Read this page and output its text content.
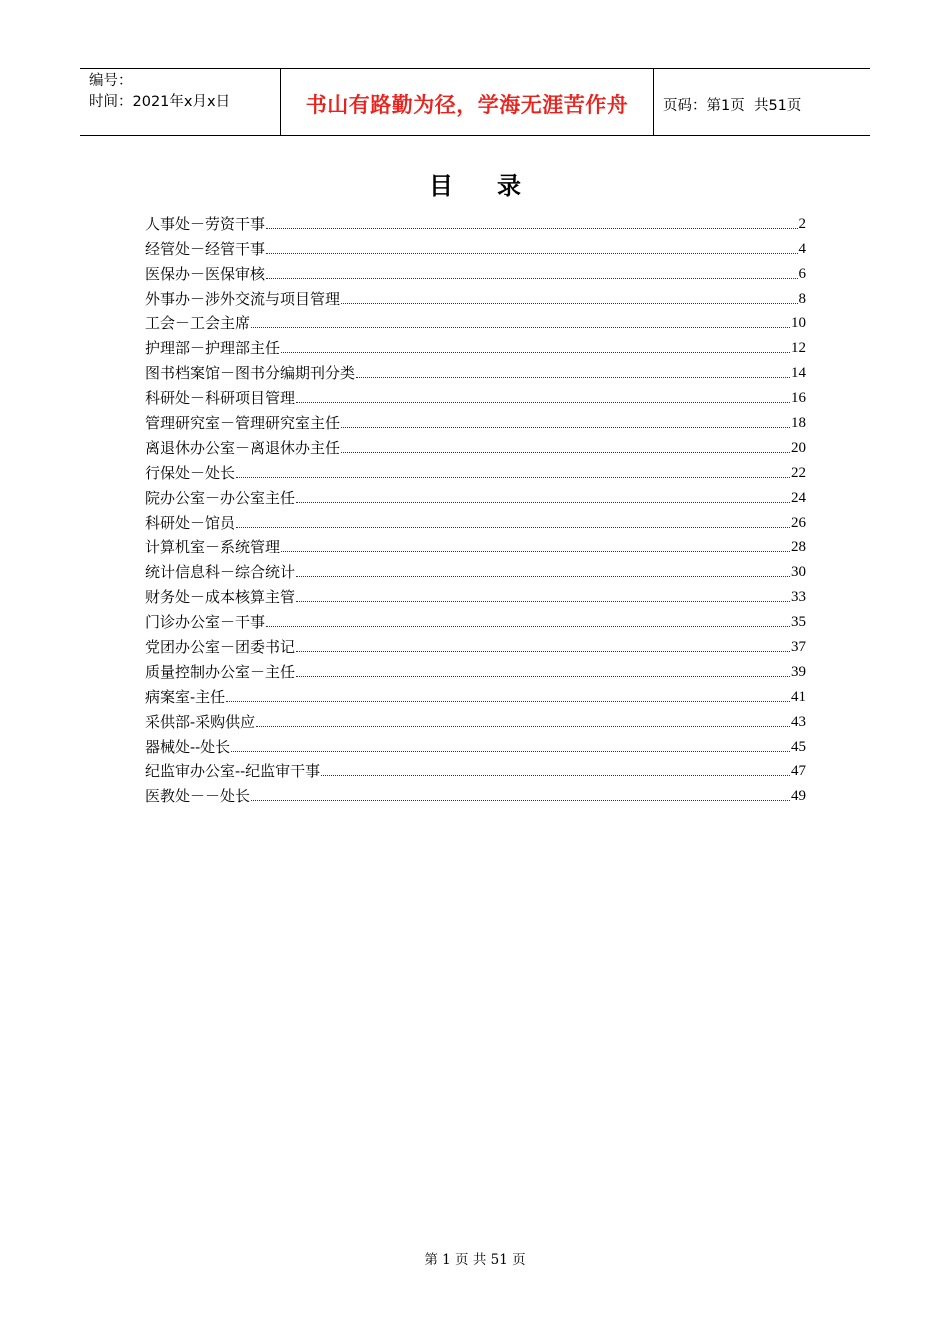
编号：
时间：2021年x月x日	书山有路勤为径，学海无涯苦作舟	页码：第1页  共51页
目录
人事处－劳资干事	2
经管处－经管干事	4
医保办－医保审核	6
外事办－涉外交流与项目管理	8
工会－工会主席	10
护理部－护理部主任	12
图书档案馆－图书分编期刊分类	14
科研处－科研项目管理	16
管理研究室－管理研究室主任	18
离退休办公室－离退休办主任	20
行保处－处长	22
院办公室－办公室主任	24
科研处－馆员	26
计算机室－系统管理	28
统计信息科－综合统计	30
财务处－成本核算主管	33
门诊办公室－干事	35
党团办公室－团委书记	37
质量控制办公室－主任	39
病案室-主任	41
采供部-采购供应	43
器械处--处长	45
纪监审办公室--纪监审干事	47
医教处－－处长	49
第 1 页 共 51 页
